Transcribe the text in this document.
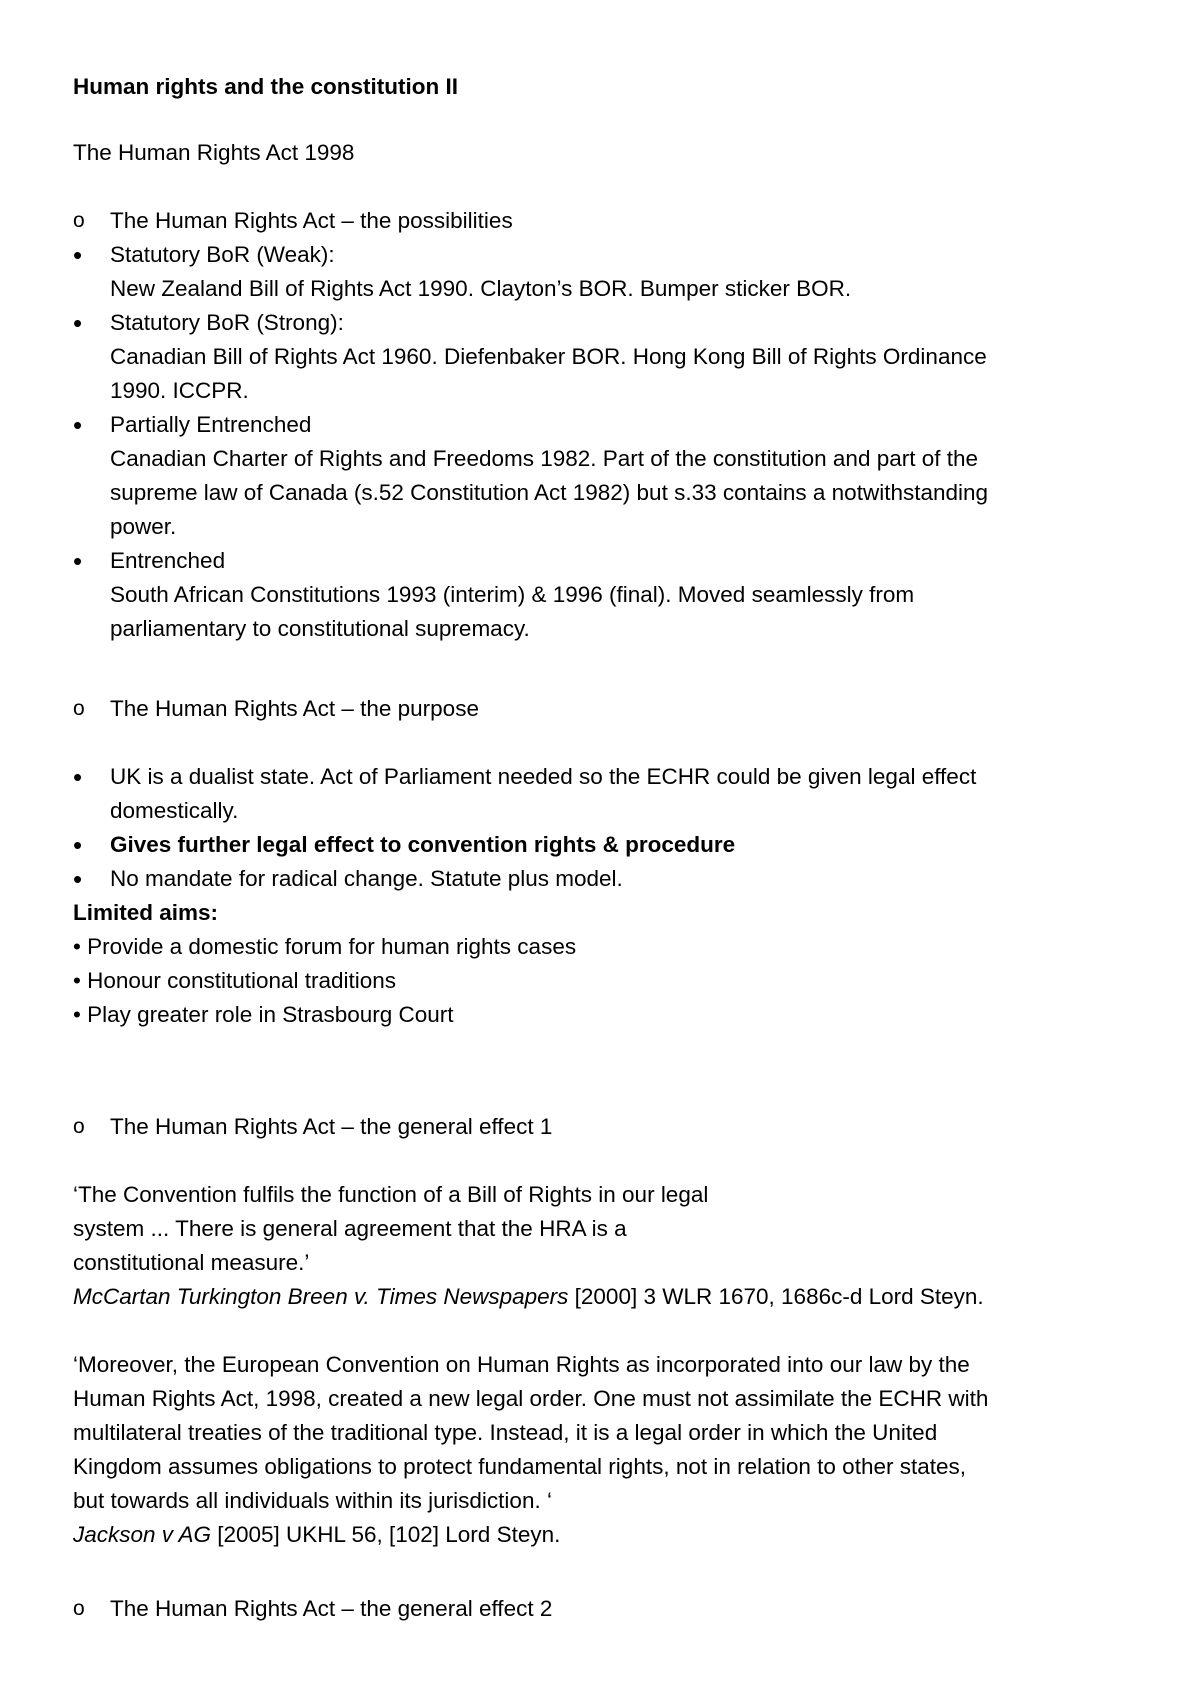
Human rights and the constitution II
The Human Rights Act 1998
o The Human Rights Act – the possibilities
• Statutory BoR (Weak):
New Zealand Bill of Rights Act 1990. Clayton’s BOR. Bumper sticker BOR.
• Statutory BoR (Strong):
Canadian Bill of Rights Act 1960. Diefenbaker BOR. Hong Kong Bill of Rights Ordinance
1990. ICCPR.
• Partially Entrenched
Canadian Charter of Rights and Freedoms 1982. Part of the constitution and part of the
supreme law of Canada (s.52 Constitution Act 1982) but s.33 contains a notwithstanding
power.
• Entrenched
South African Constitutions 1993 (interim) & 1996 (final). Moved seamlessly from
parliamentary to constitutional supremacy.
o The Human Rights Act – the purpose
• UK is a dualist state. Act of Parliament needed so the ECHR could be given legal effect
domestically.
• Gives further legal effect to convention rights & procedure
• No mandate for radical change. Statute plus model.
Limited aims:
• Provide a domestic forum for human rights cases
• Honour constitutional traditions
• Play greater role in Strasbourg Court
o The Human Rights Act – the general effect 1
‘The Convention fulfils the function of a Bill of Rights in our legal
system ... There is general agreement that the HRA is a
constitutional measure.’
McCartan Turkington Breen v. Times Newspapers [2000] 3 WLR 1670, 1686c-d Lord Steyn.
‘Moreover, the European Convention on Human Rights as incorporated into our law by the
Human Rights Act, 1998, created a new legal order. One must not assimilate the ECHR with
multilateral treaties of the traditional type. Instead, it is a legal order in which the United
Kingdom assumes obligations to protect fundamental rights, not in relation to other states,
but towards all individuals within its jurisdiction. ‘
Jackson v AG [2005] UKHL 56, [102] Lord Steyn.
o The Human Rights Act – the general effect 2
